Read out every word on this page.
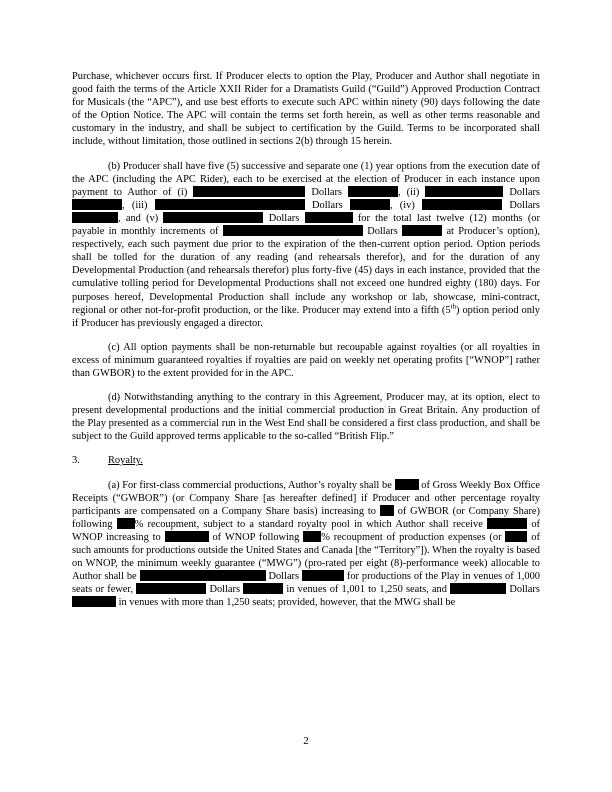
Purchase, whichever occurs first. If Producer elects to option the Play, Producer and Author shall negotiate in good faith the terms of the Article XXII Rider for a Dramatists Guild (“Guild”) Approved Production Contract for Musicals (the “APC”), and use best efforts to execute such APC within ninety (90) days following the date of the Option Notice. The APC will contain the terms set forth herein, as well as other terms reasonable and customary in the industry, and shall be subject to certification by the Guild. Terms to be incorporated shall include, without limitation, those outlined in sections 2(b) through 15 herein.

(b) Producer shall have five (5) successive and separate one (1) year options from the execution date of the APC (including the APC Rider), each to be exercised at the election of Producer in each instance upon payment to Author of (i)	Dollars	, (ii)	Dollars , (iii)	Dollars	, (iv)	Dollars , and (v)	Dollars	for the total last twelve (12) months (or payable in monthly increments of	Dollars	at Producer’s option), respectively, each such payment due prior to the expiration of the then-current option period. Option periods shall be tolled for the duration of any reading (and rehearsals therefor), and for the duration of any Developmental Production (and rehearsals therefor) plus forty-five (45) days in each instance, provided that the cumulative tolling period for Developmental Productions shall not exceed one hundred eighty (180) days. For purposes hereof, Developmental Production shall include any workshop or lab, showcase, mini-contract, regional or other not-for-profit production, or the like. Producer may extend into a fifth (5th) option period only if Producer has previously engaged a director.

(c) All option payments shall be non-returnable but recoupable against royalties (or all royalties in excess of minimum guaranteed royalties if royalties are paid on weekly net operating profits [“WNOP”] rather than GWBOR) to the extent provided for in the APC.

(d) Notwithstanding anything to the contrary in this Agreement, Producer may, at its option, elect to present developmental productions and the initial commercial production in Great Britain. Any production of the Play presented as a commercial run in the West End shall be considered a first class production, and shall be subject to the Guild approved terms applicable to the so-called “British Flip.”

3.	Royalty.

(a) For first-class commercial productions, Author’s royalty shall be	of Gross Weekly Box Office Receipts (“GWBOR”) (or Company Share [as hereafter defined] if Producer and other percentage royalty participants are compensated on a Company Share basis) increasing to of GWBOR (or Company Share) following % recoupment, subject to a standard royalty pool in which Author shall receive	of WNOP increasing to	of WNOP following % recoupment of production expenses (or	of such amounts for productions outside the United States and Canada [the “Territory”]). When the royalty is based on WNOP, the minimum weekly guarantee (“MWG”) (pro-rated per eight (8)-performance week) allocable to Author shall be	Dollars	for productions of the Play in venues of 1,000 seats or fewer,	Dollars	in venues of 1,001 to 1,250 seats, and	Dollars  in venues with more than 1,250 seats; provided, however, that the MWG shall be

2
